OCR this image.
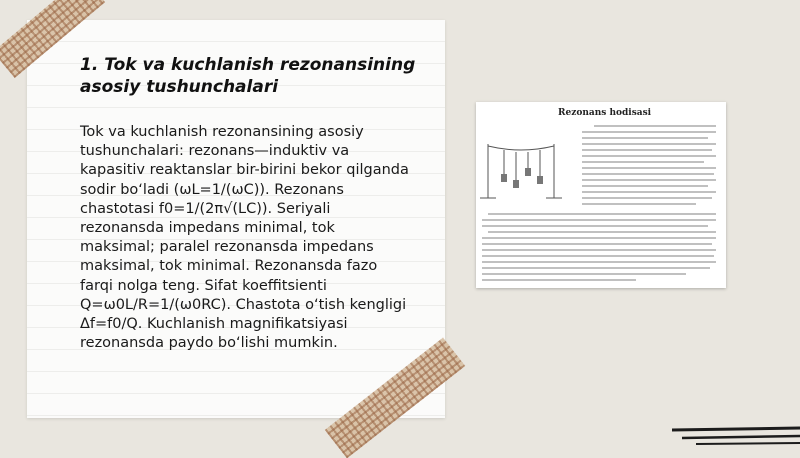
1. Tok va kuchlanish rezonansining asosiy tushunchalari

Tok va kuchlanish rezonansining asosiy tushunchalari: rezonans—induktiv va kapasitiv reaktanslar bir-birini bekor qilganda sodir bo‘ladi (ωL=1/(ωC)). Rezonans chastotasi f0=1/(2π√(LC)). Seriyali rezonansda impedans minimal, tok maksimal; paralel rezonansda impedans maksimal, tok minimal. Rezonansda fazo farqi nolga teng. Sifat koeffitsienti Q=ω0L/R=1/(ω0RC). Chastota o‘tish kengligi Δf=f0/Q. Kuchlanish magnifikatsiyasi rezonansda paydo bo‘lishi mumkin.

Rezonans hodisasi
